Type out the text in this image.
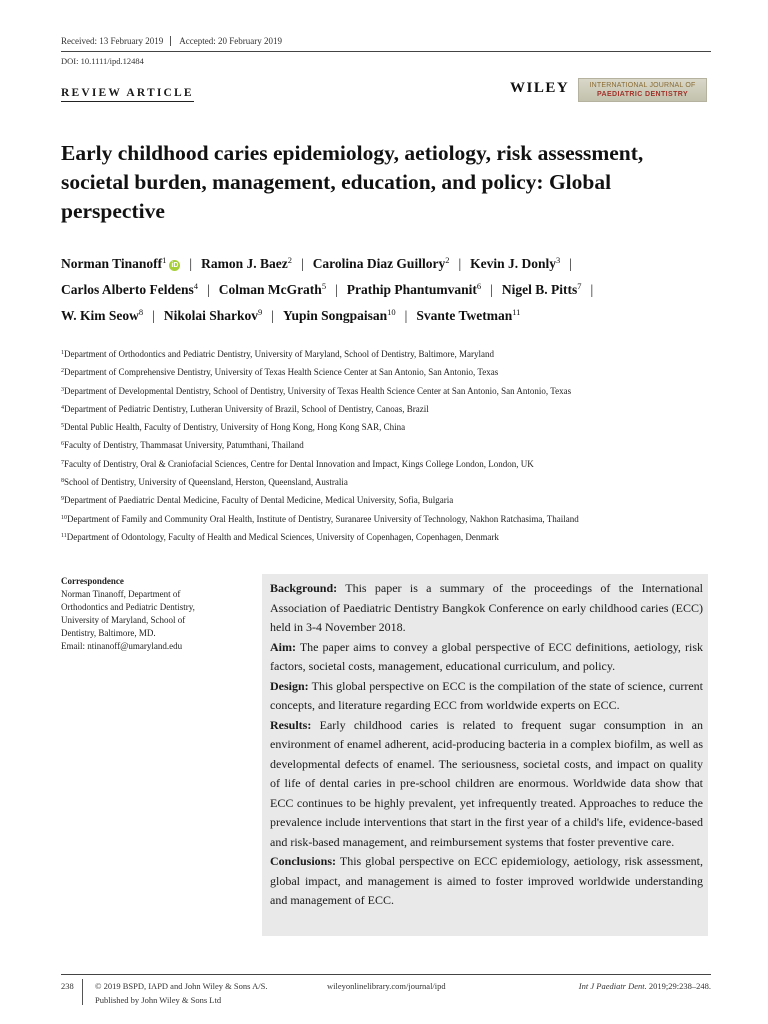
Received: 13 February 2019	Accepted: 20 February 2019
DOI: 10.1111/ipd.12484
REVIEW ARTICLE	WILEY	INTERNATIONAL JOURNAL OF
PAEDIATRIC DENTISTRY
Early childhood caries epidemiology, aetiology, risk assessment, societal burden, management, education, and policy: Global perspective
Norman Tinanoff$^1$iD | Ramon J. Baez$^2$ | Carolina Diaz Guillory$^2$ | Kevin J. Donly$^3$ |
Carlos Alberto Feldens$^4$ | Colman McGrath$^5$ | Prathip Phantumvanit$^6$ | Nigel B. Pitts$^7$ |
W. Kim Seow$^8$ | Nikolai Sharkov$^9$ | Yupin Songpaisan$^{10}$ | Svante Twetman$^{11}$
$^1$Department of Orthodontics and Pediatric Dentistry, University of Maryland, School of Dentistry, Baltimore, Maryland
$^2$Department of Comprehensive Dentistry, University of Texas Health Science Center at San Antonio, San Antonio, Texas
$^3$Department of Developmental Dentistry, School of Dentistry, University of Texas Health Science Center at San Antonio, San Antonio, Texas
$^4$Department of Pediatric Dentistry, Lutheran University of Brazil, School of Dentistry, Canoas, Brazil
$^5$Dental Public Health, Faculty of Dentistry, University of Hong Kong, Hong Kong SAR, China
$^6$Faculty of Dentistry, Thammasat University, Patumthani, Thailand
$^7$Faculty of Dentistry, Oral & Craniofacial Sciences, Centre for Dental Innovation and Impact, Kings College London, London, UK
$^8$School of Dentistry, University of Queensland, Herston, Queensland, Australia
$^9$Department of Paediatric Dental Medicine, Faculty of Dental Medicine, Medical University, Sofia, Bulgaria
$^{10}$Department of Family and Community Oral Health, Institute of Dentistry, Suranaree University of Technology, Nakhon Ratchasima, Thailand
$^{11}$Department of Odontology, Faculty of Health and Medical Sciences, University of Copenhagen, Copenhagen, Denmark
Correspondence
Norman Tinanoff, Department of
Orthodontics and Pediatric Dentistry,
University of Maryland, School of
Dentistry, Baltimore, MD.
Email: ntinanoff@umaryland.edu

Background: This paper is a summary of the proceedings of the International Association of Paediatric Dentistry Bangkok Conference on early childhood caries (ECC) held in 3-4 November 2018.

Aim: The paper aims to convey a global perspective of ECC definitions, aetiology, risk factors, societal costs, management, educational curriculum, and policy.

Design: This global perspective on ECC is the compilation of the state of science, current concepts, and literature regarding ECC from worldwide experts on ECC.

Results: Early childhood caries is related to frequent sugar consumption in an environment of enamel adherent, acid-producing bacteria in a complex biofilm, as well as developmental defects of enamel. The seriousness, societal costs, and impact on quality of life of dental caries in pre-school children are enormous. Worldwide data show that ECC continues to be highly prevalent, yet infrequently treated. Approaches to reduce the prevalence include interventions that start in the first year of a child's life, evidence-based and risk-based management, and reimbursement systems that foster preventive care.

Conclusions: This global perspective on ECC epidemiology, aetiology, risk assessment, global impact, and management is aimed to foster improved worldwide understanding and management of ECC.

238	© 2019 BSPD, IAPD and John Wiley & Sons A/S.
Published by John Wiley & Sons Ltd
wileyonlinelibrary.com/journal/ipd	Int J Paediatr Dent. 2019;29:238–248.
